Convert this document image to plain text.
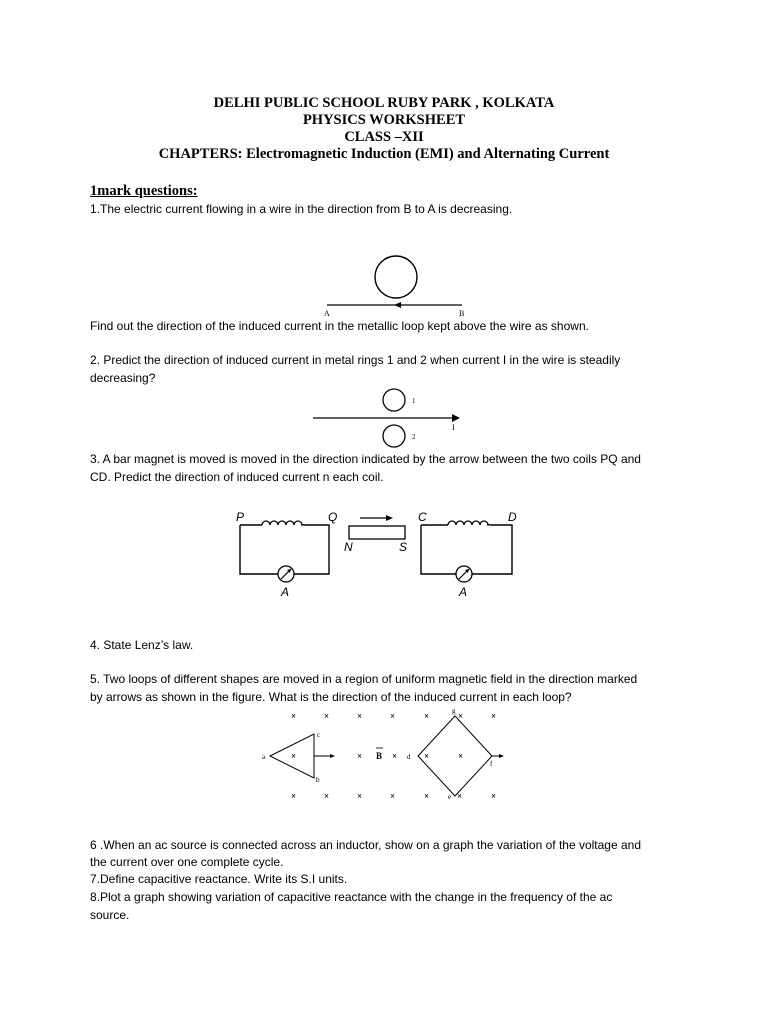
DELHI PUBLIC SCHOOL RUBY PARK , KOLKATA
PHYSICS WORKSHEET
CLASS –XII
CHAPTERS: Electromagnetic Induction (EMI) and Alternating Current
1mark questions:
1.The electric current flowing in a wire in the direction from B to A is decreasing.
A	B
Find out the direction of the induced current in the metallic loop kept above the wire as shown.
2. Predict the direction of induced current in metal rings 1 and 2 when current I in the wire is steadily
decreasing?
1
2
I
3. A bar magnet is moved is moved in the direction indicated by the arrow between the two coils PQ and
CD. Predict the direction of induced current n each coil.
P	Q
A
N	S
C	D
A
4. State Lenz’s law.
5. Two loops of different shapes are moved in a region of uniform magnetic field in the direction marked
by arrows as shown in the figure. What is the direction of the induced current in each loop?
×	×	×	×	×	×	×
×	×	×	×	×
×	×	×	×	×	×	×
a
c
b
B	d
g
e
f
6 .When an ac source is connected across an inductor, show on a graph the variation of the voltage and
the current over one complete cycle.
7.Define capacitive reactance. Write its S.I units.
8.Plot a graph showing variation of capacitive reactance with the change in the frequency of the ac
source.
